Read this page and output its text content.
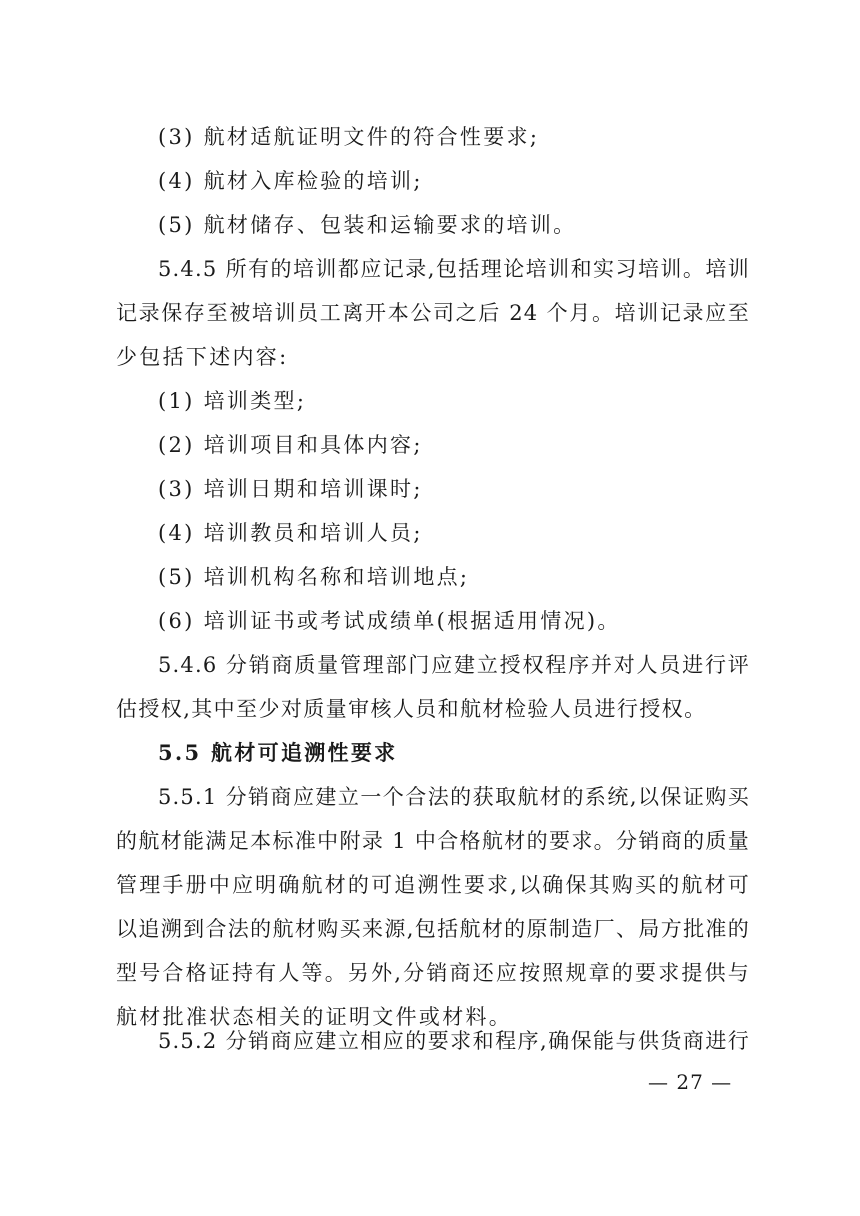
(3) 航材适航证明文件的符合性要求;
(4) 航材入库检验的培训;
(5) 航材储存、包装和运输要求的培训。
5.4.5 所有的培训都应记录,包括理论培训和实习培训。培训
记录保存至被培训员工离开本公司之后 24 个月。培训记录应至
少包括下述内容:
(1) 培训类型;
(2) 培训项目和具体内容;
(3) 培训日期和培训课时;
(4) 培训教员和培训人员;
(5) 培训机构名称和培训地点;
(6) 培训证书或考试成绩单(根据适用情况)。
5.4.6 分销商质量管理部门应建立授权程序并对人员进行评
估授权,其中至少对质量审核人员和航材检验人员进行授权。
5.5 航材可追溯性要求
5.5.1 分销商应建立一个合法的获取航材的系统,以保证购买
的航材能满足本标准中附录 1 中合格航材的要求。分销商的质量
管理手册中应明确航材的可追溯性要求,以确保其购买的航材可
以追溯到合法的航材购买来源,包括航材的原制造厂、局方批准的
型号合格证持有人等。另外,分销商还应按照规章的要求提供与
航材批准状态相关的证明文件或材料。
5.5.2 分销商应建立相应的要求和程序,确保能与供货商进行
— 27 —
